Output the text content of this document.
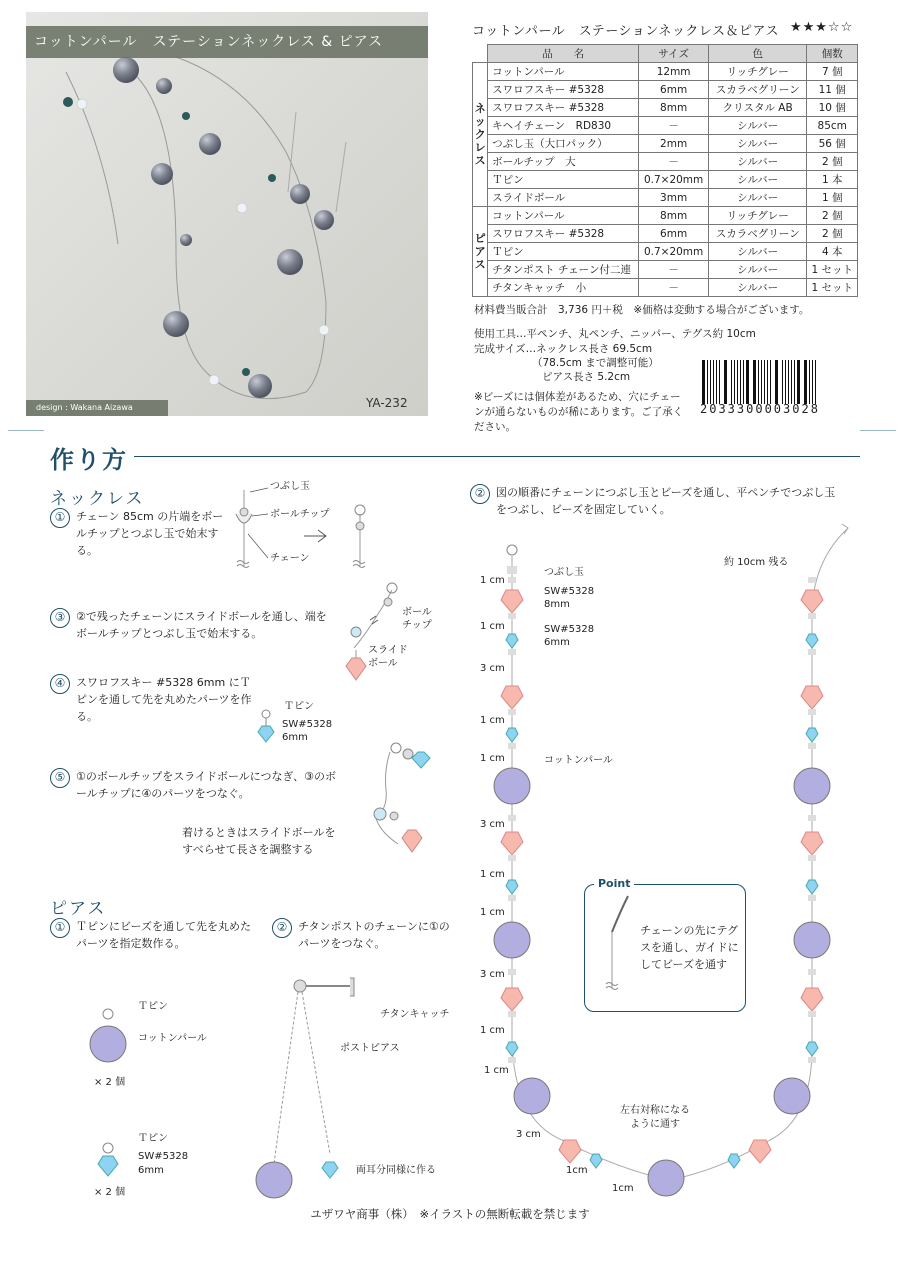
コットンパール　ステーションネックレス & ピアス
design : Wakana Aizawa	YA-232
コットンパール　ステーションネックレス＆ピアス ★★★☆☆
	品　　名	サイズ	色	個数
ネ
ッ
ク
レ
ス	コットンパール	12mm	リッチグレー	7 個
	スワロフスキー #5328	6mm	スカラベグリーン	11 個
	スワロフスキー #5328	8mm	クリスタル AB	10 個
	キヘイチェーン　RD830	－	シルバー	85cm
	つぶし玉（大口パック）	2mm	シルバー	56 個
	ボールチップ　大	－	シルバー	2 個
	Ｔピン	0.7×20mm	シルバー	1 本
	スライドボール	3mm	シルバー	1 個
ピ
ア
ス	コットンパール	8mm	リッチグレー	2 個
	スワロフスキー #5328	6mm	スカラベグリーン	2 個
	Ｔピン	0.7×20mm	シルバー	4 本
	チタンポスト チェーン付二連	－	シルバー	1 セット
	チタンキャッチ　小	－	シルバー	1 セット
材料費当販合計　3,736 円＋税　※価格は変動する場合がございます。
使用工具…平ペンチ、丸ペンチ、ニッパー、テグス約 10cm
完成サイズ…ネックレス長さ 69.5cm
（78.5cm まで調整可能）
ピアス長さ 5.2cm
※ビーズには個体差があるため、穴にチェーンが通らないものが稀にあります。ご了承ください。
2033300003028
作り方
ネックレス
① チェーン 85cm の片端をボールチップとつぶし玉で始末する。
つぶし玉
ボールチップ
チェーン
③ ②で残ったチェーンにスライドボールを通し、端をボールチップとつぶし玉で始末する。
ボール チップ
スライド ボール
④ スワロフスキー #5328 6mm にＴピンを通して先を丸めたパーツを作る。
Ｔピン
SW#5328
6mm
⑤ ①のボールチップをスライドボールにつなぎ、③のボールチップに④のパーツをつなぐ。
着けるときはスライドボールをすべらせて長さを調整する
② 図の順番にチェーンにつぶし玉とビーズを通し、平ペンチでつぶし玉をつぶし、ビーズを固定していく。
つぶし玉
SW#5328
8mm
SW#5328
6mm
コットンパール
約 10cm 残る
左右対称になる
ように通す
1 cm
1 cm
3 cm
1 cm
1 cm
3 cm
1 cm
1 cm
3 cm
1 cm
1 cm
3 cm
1cm
1cm
Point
チェーンの先にテグスを通し、ガイドにしてビーズを通す
ピアス
① Ｔピンにビーズを通して先を丸めたパーツを指定数作る。
② チタンポストのチェーンに①のパーツをつなぐ。
Ｔピン
コットンパール
× 2 個
Ｔピン
SW#5328
6mm
× 2 個
チタンキャッチ
ポストピアス
両耳分同様に作る
ユザワヤ商事（株）　※イラストの無断転載を禁じます
